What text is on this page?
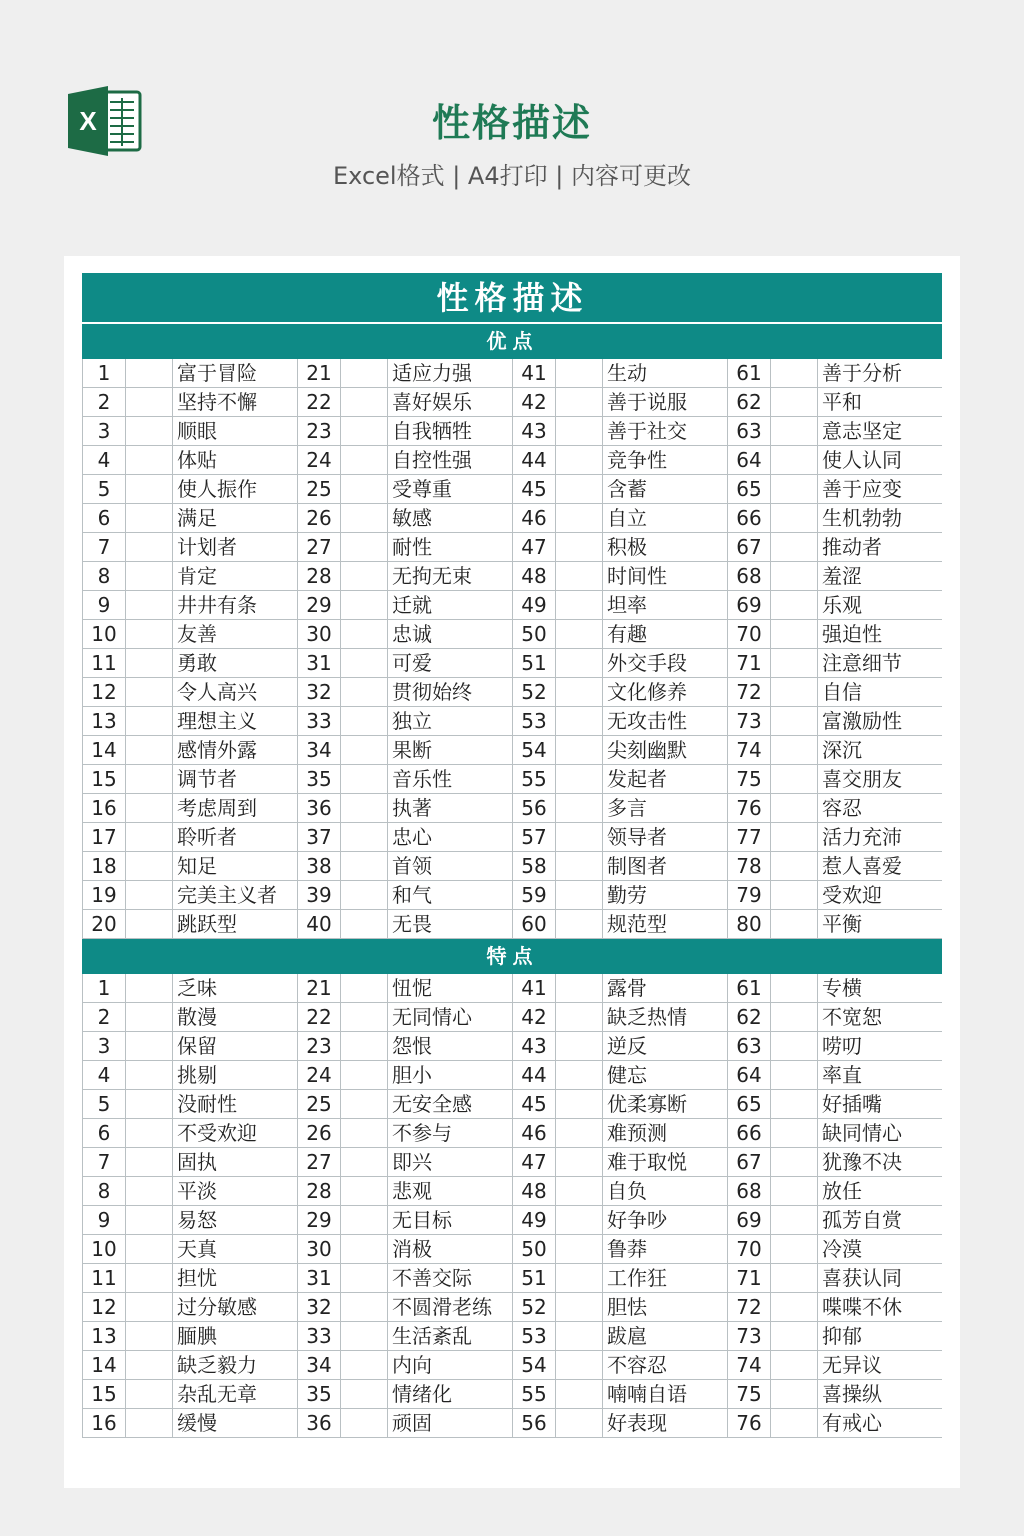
X	性格描述
Excel格式 | A4打印 | 内容可更改
性格描述											
优点											
1		富于冒险	21		适应力强	41		生动	61		善于分析
2		坚持不懈	22		喜好娱乐	42		善于说服	62		平和
3		顺眼	23		自我牺牲	43		善于社交	63		意志坚定
4		体贴	24		自控性强	44		竞争性	64		使人认同
5		使人振作	25		受尊重	45		含蓄	65		善于应变
6		满足	26		敏感	46		自立	66		生机勃勃
7		计划者	27		耐性	47		积极	67		推动者
8		肯定	28		无拘无束	48		时间性	68		羞涩
9		井井有条	29		迁就	49		坦率	69		乐观
10		友善	30		忠诚	50		有趣	70		强迫性
11		勇敢	31		可爱	51		外交手段	71		注意细节
12		令人高兴	32		贯彻始终	52		文化修养	72		自信
13		理想主义	33		独立	53		无攻击性	73		富激励性
14		感情外露	34		果断	54		尖刻幽默	74		深沉
15		调节者	35		音乐性	55		发起者	75		喜交朋友
16		考虑周到	36		执著	56		多言	76		容忍
17		聆听者	37		忠心	57		领导者	77		活力充沛
18		知足	38		首领	58		制图者	78		惹人喜爱
19		完美主义者	39		和气	59		勤劳	79		受欢迎
20		跳跃型	40		无畏	60		规范型	80		平衡
特点											
1		乏味	21		忸怩	41		露骨	61		专横
2		散漫	22		无同情心	42		缺乏热情	62		不宽恕
3		保留	23		怨恨	43		逆反	63		唠叨
4		挑剔	24		胆小	44		健忘	64		率直
5		没耐性	25		无安全感	45		优柔寡断	65		好插嘴
6		不受欢迎	26		不参与	46		难预测	66		缺同情心
7		固执	27		即兴	47		难于取悦	67		犹豫不决
8		平淡	28		悲观	48		自负	68		放任
9		易怒	29		无目标	49		好争吵	69		孤芳自赏
10		天真	30		消极	50		鲁莽	70		冷漠
11		担忧	31		不善交际	51		工作狂	71		喜获认同
12		过分敏感	32		不圆滑老练	52		胆怯	72		喋喋不休
13		腼腆	33		生活紊乱	53		跋扈	73		抑郁
14		缺乏毅力	34		内向	54		不容忍	74		无异议
15		杂乱无章	35		情绪化	55		喃喃自语	75		喜操纵
16		缓慢	36		顽固	56		好表现	76		有戒心
